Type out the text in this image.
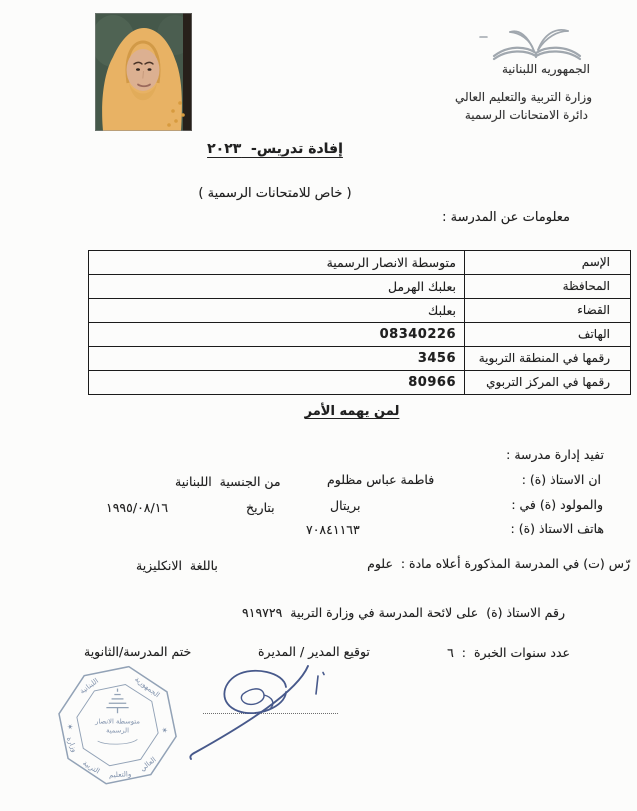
الجمهوريه اللبنانية
وزارة التربية والتعليم العالي
دائرة الامتحانات الرسمية
إفادة تدريس-  ٢٠٢٣
( خاص للامتحانات الرسمية )
معلومات عن المدرسة :
الإسم
متوسطة الانصار الرسمية
المحافظة
بعلبك الهرمل
القضاء
بعلبك
الهاتف
08340226
رقمها في المنطقة التربوية
3456
رقمها في المركز التربوي
80966
لمن يهمه الأمر
تفيد إدارة مدرسة :
ان الاستاذ (ة) :
فاطمة عباس مظلوم
من الجنسية  اللبنانية
والمولود (ة) في :
بريتال
بتاريخ
١٩٩٥/٠٨/١٦
هاتف الاستاذ (ة) :
٧٠٨٤١١٦٣
رّس (ت) في المدرسة المذكورة أعلاه مادة :  علوم
باللغة  الانكليزية
رقم الاستاذ (ة)  على لائحة المدرسة في وزارة التربية  ٩١٩٧٢٩
عدد سنوات الخبرة  :  ٦
توقيع المدير / المديرة
ختم المدرسة/الثانوية
الجمهورية
اللبنانية
وزارة
التربية والتعليم
العالي
✶
✶
متوسطة الانصار
الرسمية
